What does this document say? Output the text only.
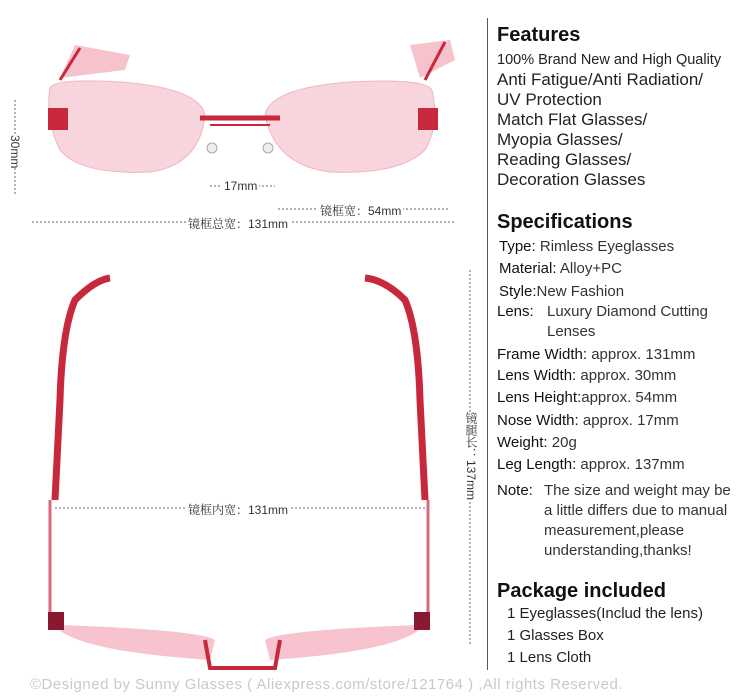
30mm
17mm
镜框宽：54mm
镜框总宽：131mm
镜框内宽：131mm
镜腿长：137mm
Features
100% Brand New and High Quality
Anti Fatigue/Anti Radiation/
UV Protection
Match Flat Glasses/
Myopia Glasses/
Reading Glasses/
Decoration Glasses
Specifications
Type: Rimless Eyeglasses
Material: Alloy+PC
Style:New Fashion
Lens: Luxury Diamond Cutting
Lenses
Frame Width: approx. 131mm
Lens Width: approx. 30mm
Lens Height:approx. 54mm
Nose Width: approx. 17mm
Weight: 20g
Leg Length: approx. 137mm
Note: The size and weight may be
a little differs due to manual
measurement,please
understanding,thanks!
Package included
1 Eyeglasses(Includ the lens)
1 Glasses Box
1 Lens Cloth
©Designed by Sunny Glasses ( Aliexpress.com/store/121764 ) ,All rights Reserved.
